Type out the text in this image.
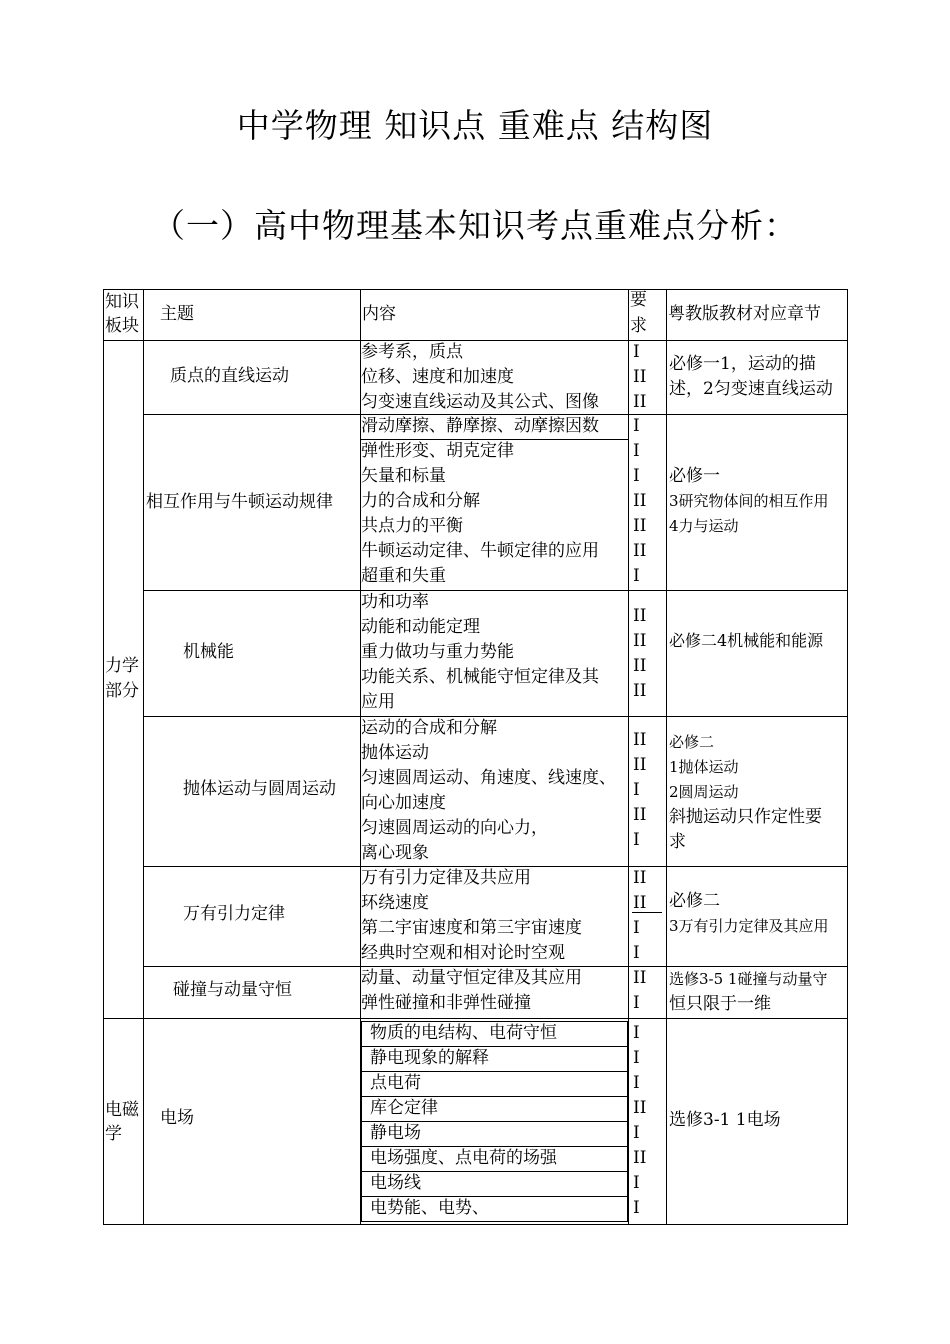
中学物理 知识点 重难点 结构图
（一）高中物理基本知识考点重难点分析：
知识
板块
主题	内容
要
求
粤教版教材对应章节
力学
部分
电磁
学
质点的直线运动
参考系，质点
位移、速度和加速度
匀变速直线运动及其公式、图像
I
II
II
必修一1，运动的描
述，2匀变速直线运动
相互作用与牛顿运动规律
滑动摩擦、静摩擦、动摩擦因数
弹性形变、胡克定律
矢量和标量
力的合成和分解
共点力的平衡
牛顿运动定律、牛顿定律的应用
超重和失重
I
I
I
II
II
II
I
必修一
3研究物体间的相互作用
4力与运动
机械能
功和功率
动能和动能定理
重力做功与重力势能
功能关系、机械能守恒定律及其
应用
II
II
II
II
必修二4机械能和能源
抛体运动与圆周运动
运动的合成和分解
抛体运动
匀速圆周运动、角速度、线速度、
向心加速度
匀速圆周运动的向心力，
离心现象
II
II
I
II
I
必修二
1抛体运动
2圆周运动
斜抛运动只作定性要
求
万有引力定律
万有引力定律及共应用
环绕速度
第二宇宙速度和第三宇宙速度
经典时空观和相对论时空观
II
II
I
I
必修二
3万有引力定律及其应用
碰撞与动量守恒
动量、动量守恒定律及其应用
弹性碰撞和非弹性碰撞
II
I
选修3-5 1碰撞与动量守
恒只限于一维
电场
物质的电结构、电荷守恒
静电现象的解释
点电荷
库仑定律
静电场
电场强度、点电荷的场强
电场线
电势能、电势、
I
I
I
II
I
II
I
I
选修3-1 1电场
